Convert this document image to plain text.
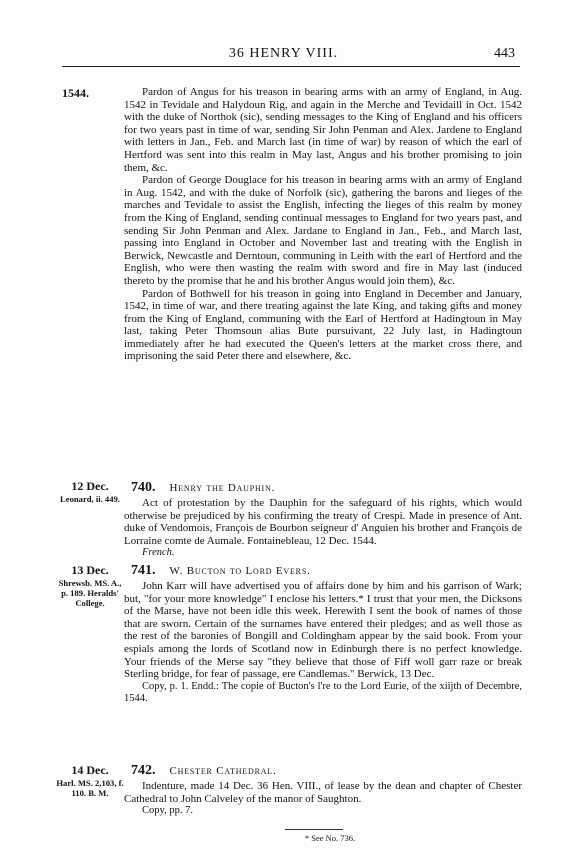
36 HENRY VIII.	443
1544.	Pardon of Angus for his treason in bearing arms with an army of England, in Aug. 1542 in Tevidale and Halydoun Rig, and again in the Merche and Tevidaill in Oct. 1542 with the duke of Northok (sic), sending messages to the King of England and his officers for two years past in time of war, sending Sir John Penman and Alex. Jardene to England with letters in Jan., Feb. and March last (in time of war) by reason of which the earl of Hertford was sent into this realm in May last, Angus and his brother promising to join them, &c.

Pardon of George Douglace for his treason in bearing arms with an army of England in Aug. 1542, and with the duke of Norfolk (sic), gathering the barons and lieges of the marches and Tevidale to assist the English, infecting the lieges of this realm by money from the King of England, sending continual messages to England for two years past, and sending Sir John Penman and Alex. Jardane to England in Jan., Feb., and March last, passing into England in October and November last and treating with the English in Berwick, Newcastle and Derntoun, communing in Leith with the earl of Hertford and the English, who were then wasting the realm with sword and fire in May last (induced thereto by the promise that he and his brother Angus would join them), &c.

Pardon of Bothwell for his treason in going into England in December and January, 1542, in time of war, and there treating against the late King, and taking gifts and money from the King of England, communing with the Earl of Hertford at Hadingtoun in May last, taking Peter Thomsoun alias Bute pursuivant, 22 July last, in Hadingtoun immediately after he had executed the Queen's letters at the market cross there, and imprisoning the said Peter there and elsewhere, &c.

12 Dec.
Leonard, ii. 449.
740. Henry the Dauphin.

Act of protestation by the Dauphin for the safeguard of his rights, which would otherwise be prejudiced by his confirming the treaty of Crespi. Made in presence of Ant. duke of Vendomois, François de Bourbon seigneur d' Anguien his brother and François de Lorraine comte de Aumale. Fontainebleau, 12 Dec. 1544.

French.

13 Dec.
Shrewsb. MS. A., p. 189. Heralds' College.
741. W. Bucton to Lord Evers.

John Karr will have advertised you of affairs done by him and his garrison of Wark; but, "for your more knowledge" I enclose his letters.* I trust that your men, the Dicksons of the Marse, have not been idle this week. Herewith I sent the book of names of those that are sworn. Certain of the surnames have entered their pledges; and as well those as the rest of the baronies of Bongill and Coldingham appear by the said book. From your espials among the lords of Scotland now in Edinburgh there is no perfect knowledge. Your friends of the Merse say "they believe that those of Fiff woll garr raze or break Sterling bridge, for fear of passage, ere Candlemas." Berwick, 13 Dec.

Copy, p. 1. Endd.: The copie of Bucton's l're to the Lord Eurie, of the xiijth of Decembre, 1544.

14 Dec.
Harl. MS. 2,103, f. 110. B. M.
742. Chester Cathedral.

Indenture, made 14 Dec. 36 Hen. VIII., of lease by the dean and chapter of Chester Cathedral to John Calveley of the manor of Saughton.

Copy, pp. 7.

* See No. 736.
